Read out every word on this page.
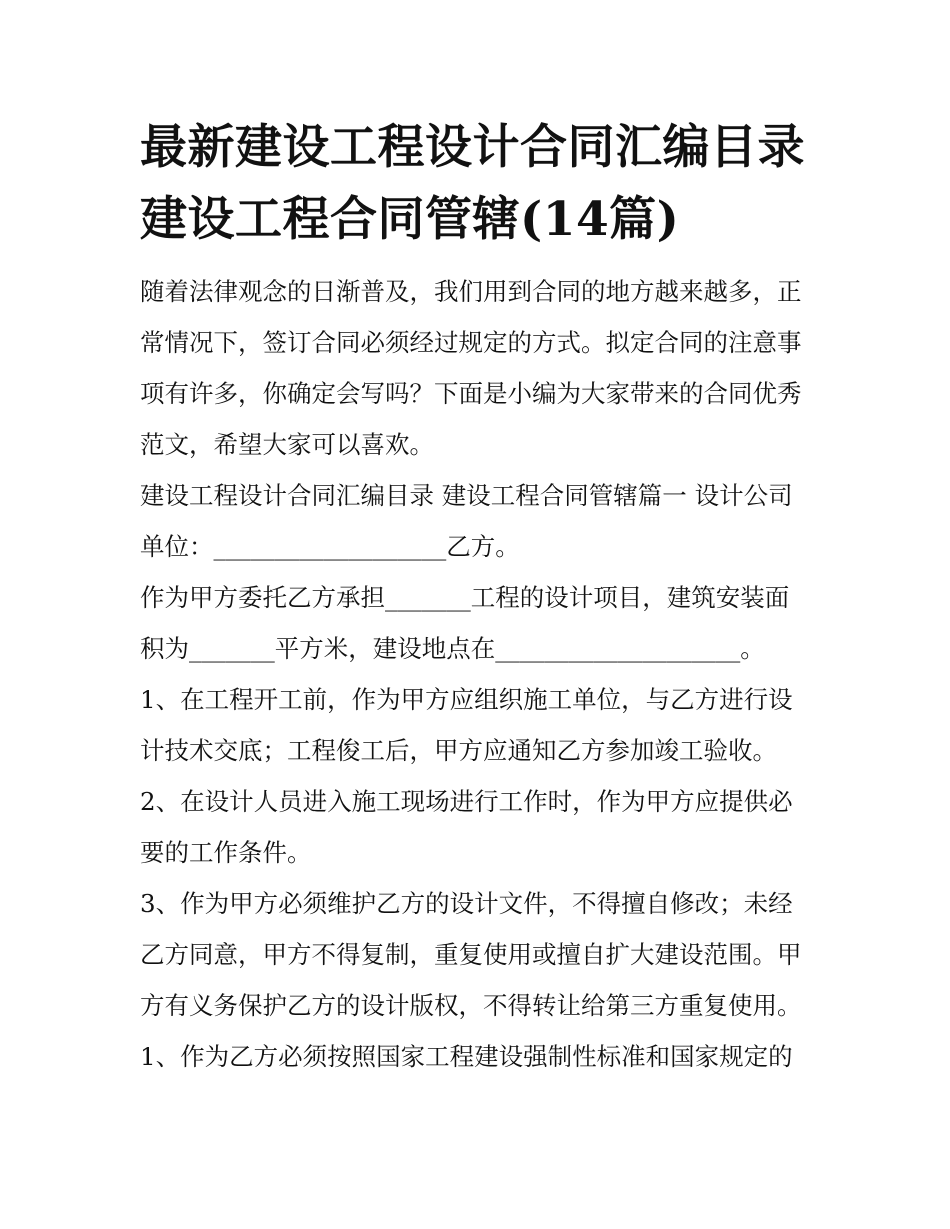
最新建设工程设计合同汇编目录 建设工程合同管辖(14篇)

随着法律观念的日渐普及，我们用到合同的地方越来越多，正常情况下，签订合同必须经过规定的方式。拟定合同的注意事项有许多，你确定会写吗？下面是小编为大家带来的合同优秀范文，希望大家可以喜欢。

建设工程设计合同汇编目录 建设工程合同管辖篇一 设计公司单位：___________________乙方。

作为甲方委托乙方承担_______工程的设计项目，建筑安装面积为_______平方米，建设地点在____________________。

1、在工程开工前，作为甲方应组织施工单位，与乙方进行设计技术交底；工程俊工后，甲方应通知乙方参加竣工验收。

2、在设计人员进入施工现场进行工作时，作为甲方应提供必要的工作条件。

3、作为甲方必须维护乙方的设计文件，不得擅自修改；未经乙方同意，甲方不得复制，重复使用或擅自扩大建设范围。甲方有义务保护乙方的设计版权，不得转让给第三方重复使用。

1、作为乙方必须按照国家工程建设强制性标准和国家规定的
